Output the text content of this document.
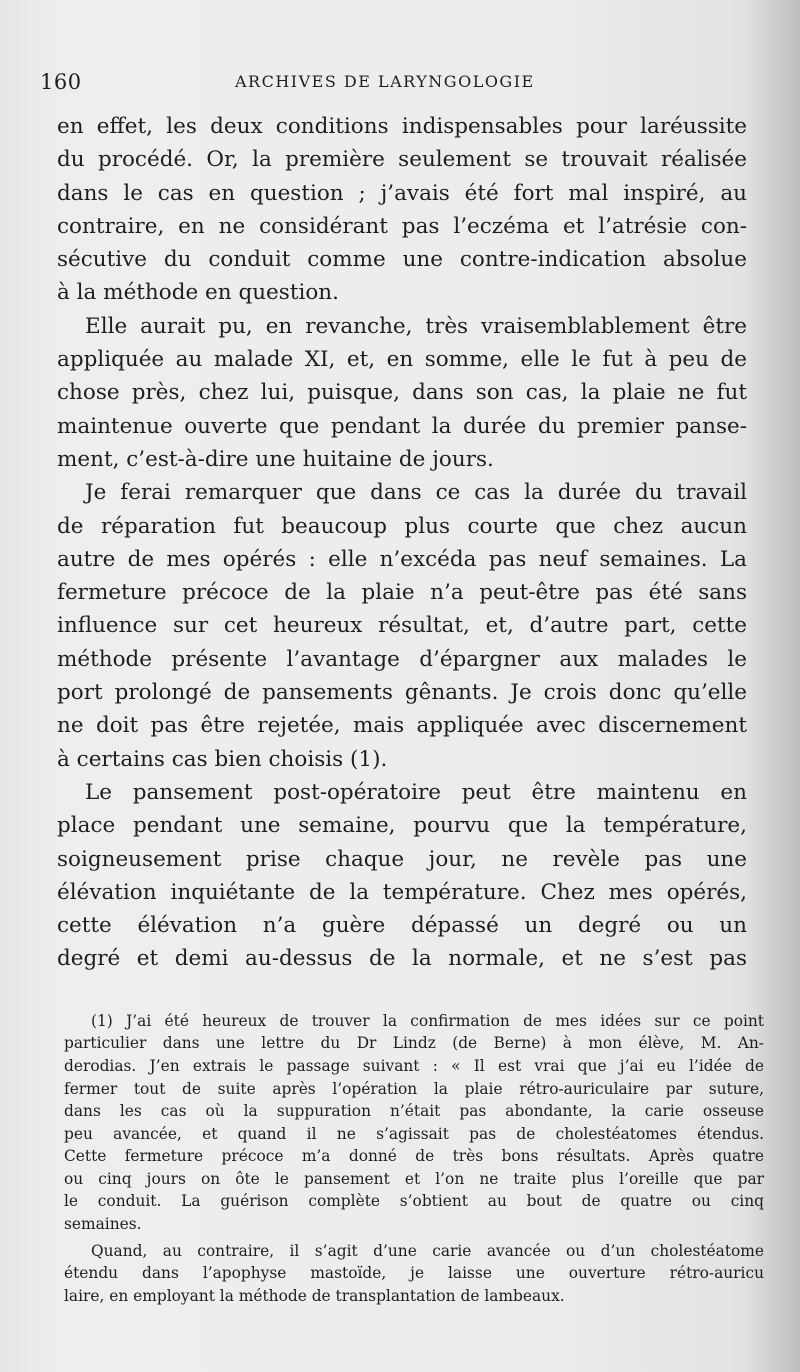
160	ARCHIVES DE LARYNGOLOGIE
en effet, les deux conditions indispensables pour laréussite
du procédé. Or, la première seulement se trouvait réalisée
dans le cas en question ; j’avais été fort mal inspiré, au
contraire, en ne considérant pas l’eczéma et l’atrésie con-
sécutive du conduit comme une contre-indication absolue
à la méthode en question.
Elle aurait pu, en revanche, très vraisemblablement être
appliquée au malade XI, et, en somme, elle le fut à peu de
chose près, chez lui, puisque, dans son cas, la plaie ne fut
maintenue ouverte que pendant la durée du premier panse-
ment, c’est-à-dire une huitaine de jours.
Je ferai remarquer que dans ce cas la durée du travail
de réparation fut beaucoup plus courte que chez aucun
autre de mes opérés : elle n’excéda pas neuf semaines. La
fermeture précoce de la plaie n’a peut-être pas été sans
influence sur cet heureux résultat, et, d’autre part, cette
méthode présente l’avantage d’épargner aux malades le
port prolongé de pansements gênants. Je crois donc qu’elle
ne doit pas être rejetée, mais appliquée avec discernement
à certains cas bien choisis (1).
Le pansement post-opératoire peut être maintenu en
place pendant une semaine, pourvu que la température,
soigneusement prise chaque jour, ne revèle pas une
élévation inquiétante de la température. Chez mes opérés,
cette élévation n’a guère dépassé un degré ou un
degré et demi au-dessus de la normale, et ne s’est pas
(1) J’ai été heureux de trouver la confirmation de mes idées sur ce point
particulier dans une lettre du Dr Lindz (de Berne) à mon élève, M. An-
derodias. J’en extrais le passage suivant : « Il est vrai que j’ai eu l’idée de
fermer tout de suite après l’opération la plaie rétro-auriculaire par suture,
dans les cas où la suppuration n’était pas abondante, la carie osseuse
peu avancée, et quand il ne s’agissait pas de cholestéatomes étendus.
Cette fermeture précoce m’a donné de très bons résultats. Après quatre
ou cinq jours on ôte le pansement et l’on ne traite plus l’oreille que par
le conduit. La guérison complète s’obtient au bout de quatre ou cinq
semaines.
Quand, au contraire, il s’agit d’une carie avancée ou d’un cholestéatome
étendu dans l’apophyse mastoïde, je laisse une ouverture rétro-auricu
laire, en employant la méthode de transplantation de lambeaux.
